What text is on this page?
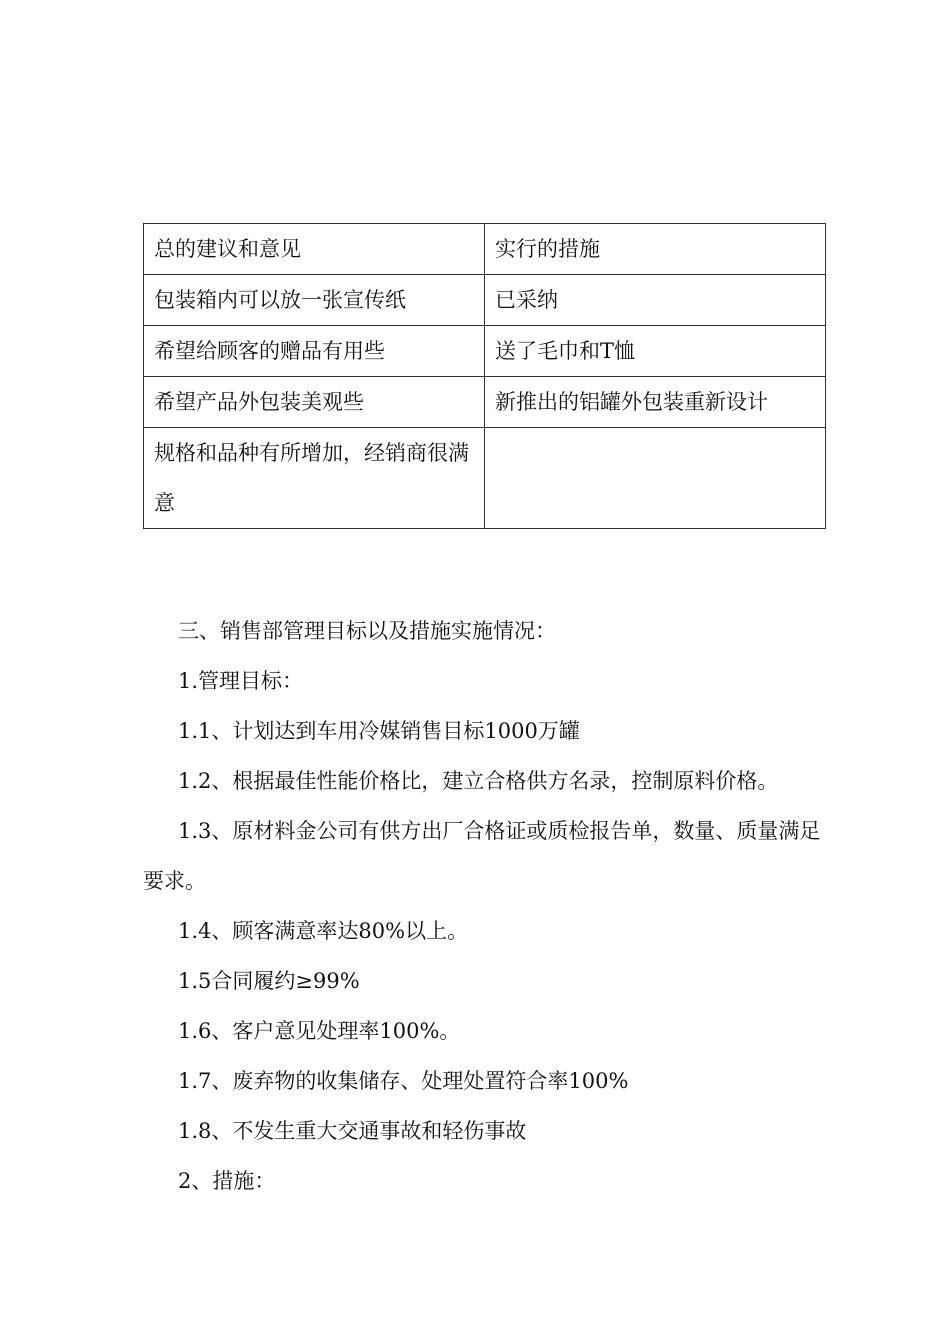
总的建议和意见	实行的措施
包装箱内可以放一张宣传纸	已采纳
希望给顾客的赠品有用些	送了毛巾和T恤
希望产品外包装美观些	新推出的铝罐外包装重新设计
规格和品种有所增加，经销商很满意	

三、销售部管理目标以及措施实施情况：

1.管理目标：

1.1、计划达到车用冷媒销售目标1000万罐

1.2、根据最佳性能价格比，建立合格供方名录，控制原料价格。

1.3、原材料金公司有供方出厂合格证或质检报告单，数量、质量满足要求。

1.4、顾客满意率达80%以上。

1.5合同履约≥99%

1.6、客户意见处理率100%。

1.7、废弃物的收集储存、处理处置符合率100%

1.8、不发生重大交通事故和轻伤事故

2、措施：
